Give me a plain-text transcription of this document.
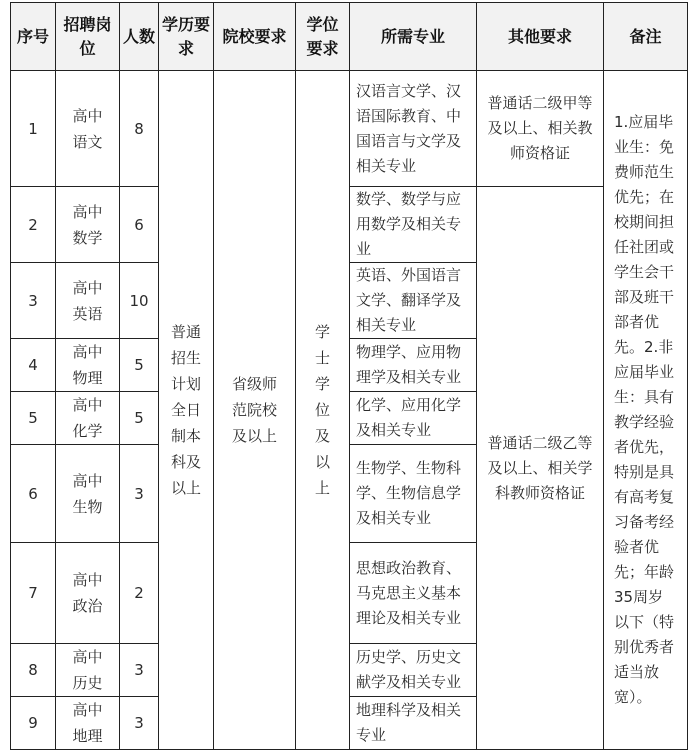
序号	招聘岗位	人数	学历要求	院校要求	学位要求	所需专业	其他要求	备注
1	高中语文	8	普通招生计划全日制本科及以上	省级师范院校及以上	学士学位及以上	汉语言文学、汉语国际教育、中国语言与文学及相关专业	普通话二级甲等及以上、相关教师资格证	1.应届毕业生：免费师范生优先；在校期间担任社团或学生会干部及班干部者优先。2.非应届毕业生：具有教学经验者优先，特别是具有高考复习备考经验者优先；年龄35周岁以下（特别优秀者适当放宽）。
2	高中数学	6				数学、数学与应用数学及相关专业	普通话二级乙等及以上、相关学科教师资格证	
3	高中英语	10				英语、外国语言文学、翻译学及相关专业		
4	高中物理	5				物理学、应用物理学及相关专业		
5	高中化学	5				化学、应用化学及相关专业		
6	高中生物	3				生物学、生物科学、生物信息学及相关专业		
7	高中政治	2				思想政治教育、马克思主义基本理论及相关专业		
8	高中历史	3				历史学、历史文献学及相关专业		
9	高中地理	3				地理科学及相关专业		
